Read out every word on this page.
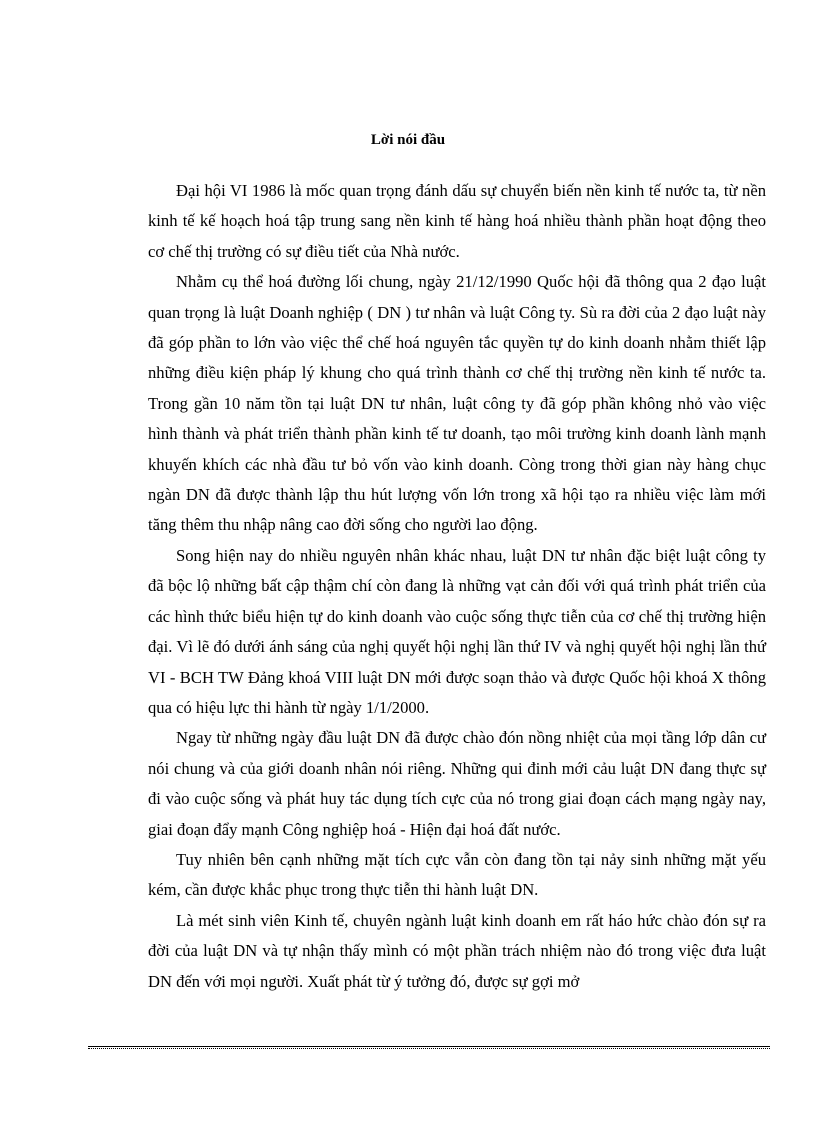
Lời nói đầu

Đại hội VI 1986 là mốc quan trọng đánh dấu sự chuyển biến nền kinh tế nước ta, từ nền kinh tế kế hoạch hoá tập trung sang nền kinh tế hàng hoá nhiều thành phần hoạt động theo cơ chế thị trường có sự điều tiết của Nhà nước.

Nhằm cụ thể hoá đường lối chung, ngày 21/12/1990 Quốc hội đã thông qua 2 đạo luật quan trọng là luật Doanh nghiệp ( DN ) tư nhân và luật Công ty. Sù ra đời của 2 đạo luật này đã góp phần to lớn vào việc thể chế hoá nguyên tắc quyền tự do kinh doanh nhằm thiết lập những điều kiện pháp lý khung cho quá trình thành cơ chế thị trường nền kinh tế nước ta. Trong gần 10 năm tồn tại luật DN tư nhân, luật công ty đã góp phần không nhỏ vào việc hình thành và phát triển thành phần kinh tế tư doanh, tạo môi trường kinh doanh lành mạnh khuyến khích các nhà đầu tư bỏ vốn vào kinh doanh. Còng trong thời gian này hàng chục ngàn DN đã được thành lập thu hút lượng vốn lớn trong xã hội tạo ra nhiều việc làm mới tăng thêm thu nhập nâng cao đời sống cho người lao động.

Song hiện nay do nhiều nguyên nhân khác nhau, luật DN tư nhân đặc biệt luật công ty đã bộc lộ những bất cập thậm chí còn đang là những vạt cản đối với quá trình phát triển của các hình thức biểu hiện tự do kinh doanh vào cuộc sống thực tiễn của cơ chế thị trường hiện đại. Vì lẽ đó dưới ánh sáng của nghị quyết hội nghị lần thứ IV và nghị quyết hội nghị lần thứ VI - BCH TW Đảng khoá VIII luật DN mới được soạn thảo và được Quốc hội khoá X thông qua có hiệu lực thi hành từ ngày 1/1/2000.

Ngay từ những ngày đầu luật DN đã được chào đón nồng nhiệt của mọi tầng lớp dân cư nói chung và của giới doanh nhân nói riêng. Những qui đinh mới cảu luật DN đang thực sự đi vào cuộc sống và phát huy tác dụng tích cực của nó trong giai đoạn cách mạng ngày nay, giai đoạn đẩy mạnh Công nghiệp hoá - Hiện đại hoá đất nước.

Tuy nhiên bên cạnh những mặt tích cực vẫn còn đang tồn tại nảy sinh những mặt yếu kém, cần được khắc phục trong thực tiễn thi hành luật DN.

Là mét sinh viên Kinh tế, chuyên ngành luật kinh doanh em rất háo hức chào đón sự ra đời của luật DN và tự nhận thấy mình có một phần trách nhiệm nào đó trong việc đưa luật DN đến với mọi người. Xuất phát từ ý tưởng đó, được sự gợi mở
